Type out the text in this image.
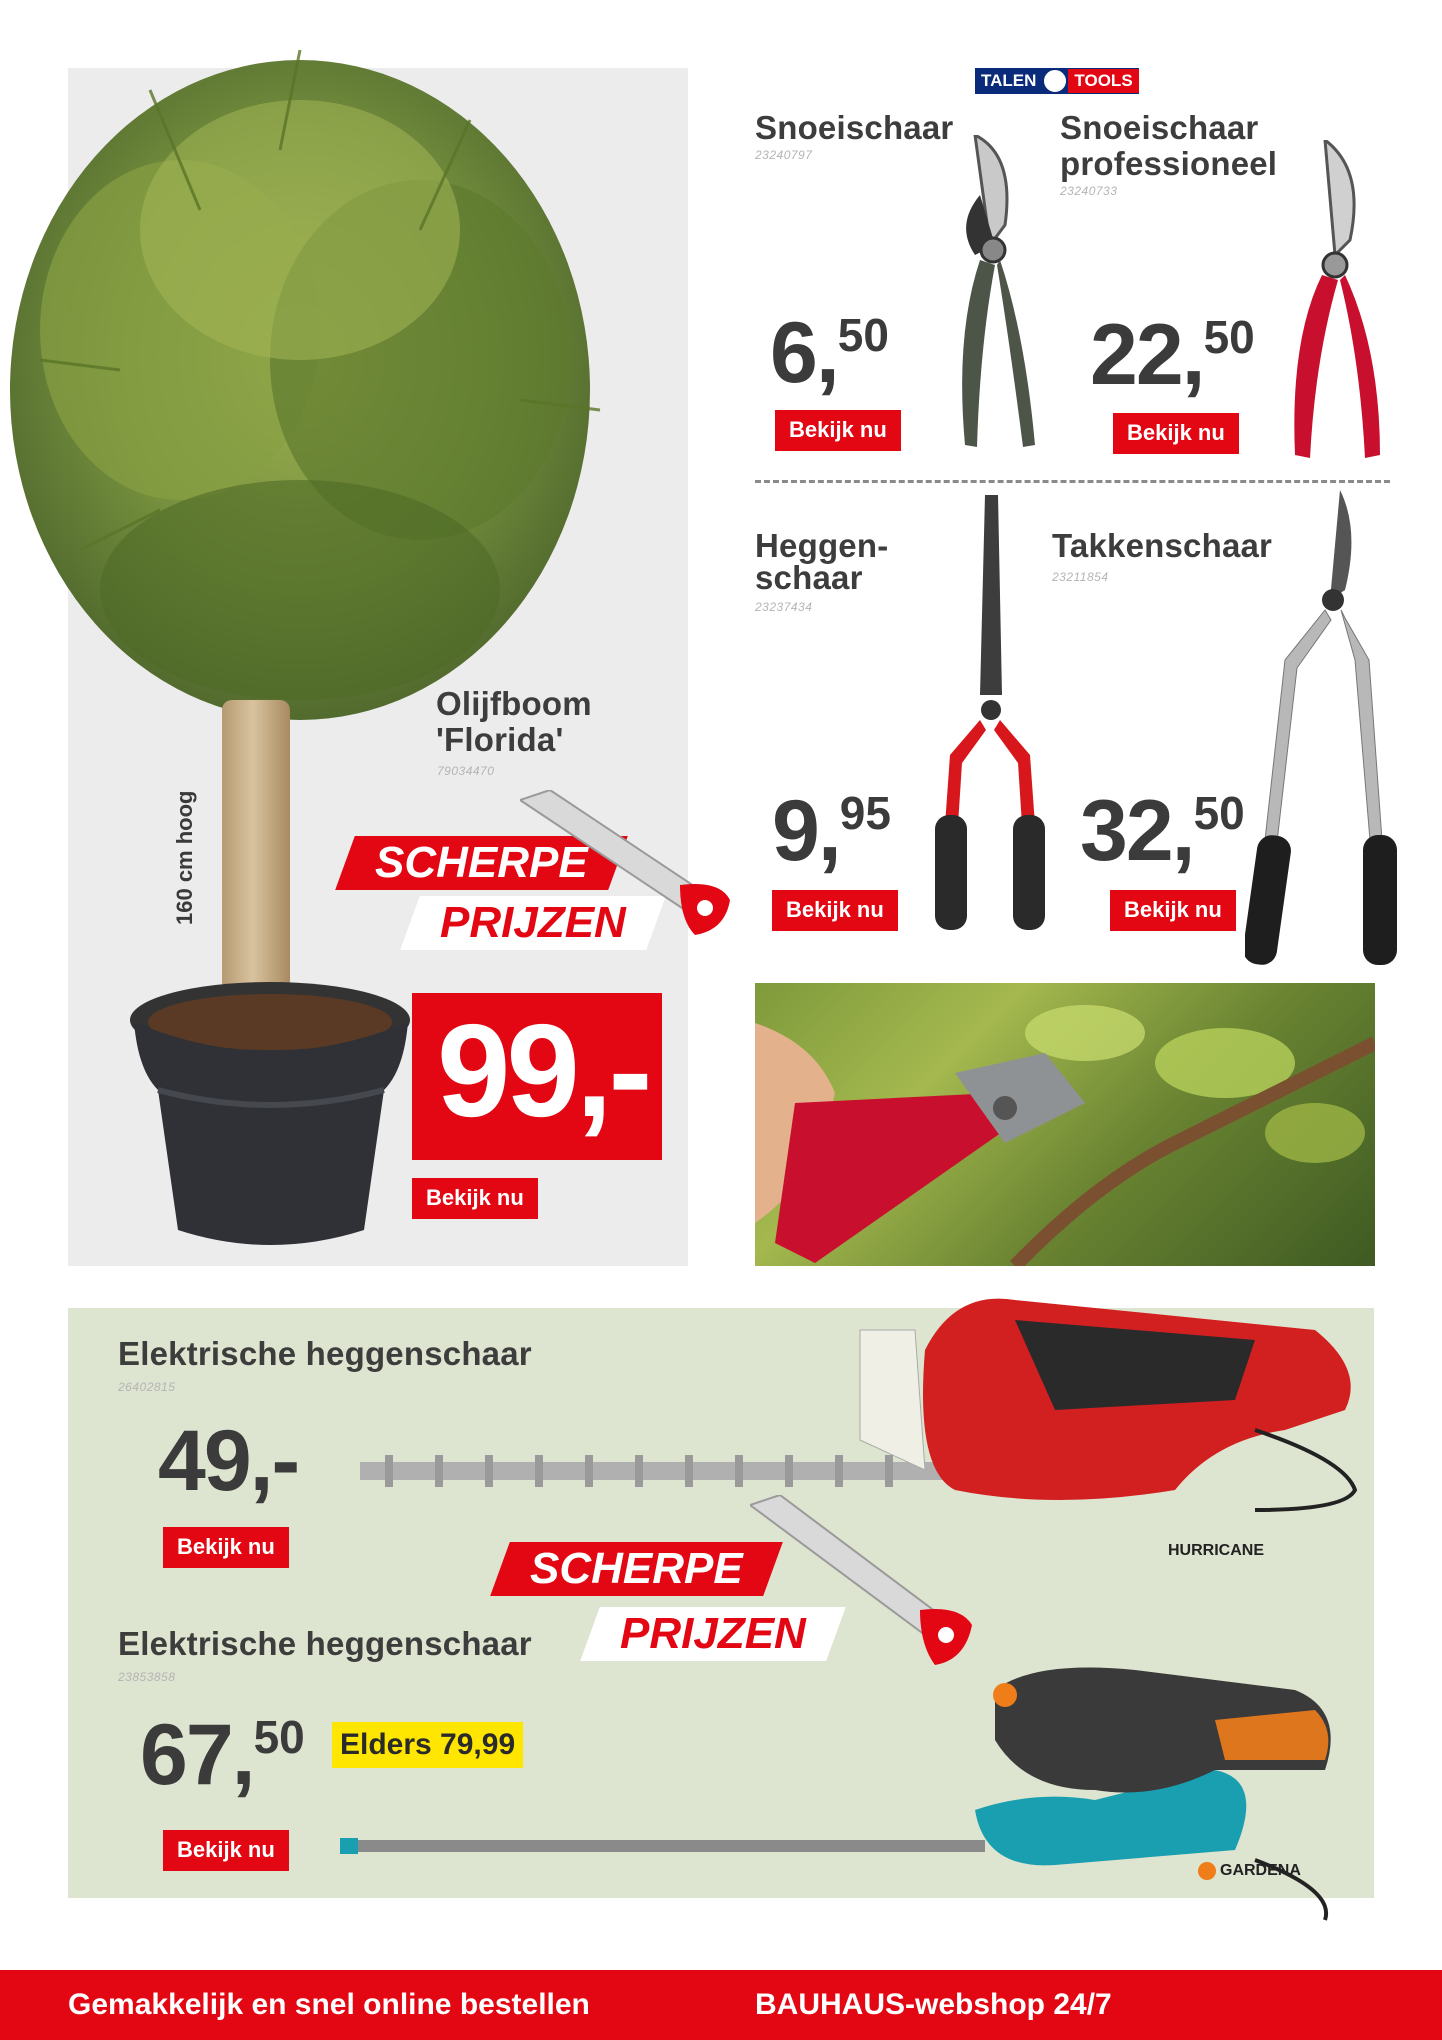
160 cm hoog
Olijfboom
'Florida'
79034470
SCHERPE
PRIJZEN
99,-
Bekijk nu
TALEN	TOOLS
Snoeischaar
23240797
6,50
Bekijk nu
Snoeischaar
professioneel
23240733
22,50
Bekijk nu
Heggen-
schaar
23237434
9,95
Bekijk nu
Takkenschaar
23211854
32,50
Bekijk nu
Elektrische heggenschaar
26402815
49,-
Bekijk nu	HURRICANE
SCHERPE
PRIJZEN
Elektrische heggenschaar
23853858
67,50 Elders 79,99
Bekijk nu
GARDENA
Gemakkelijk en snel online bestellen	BAUHAUS-webshop 24/7
